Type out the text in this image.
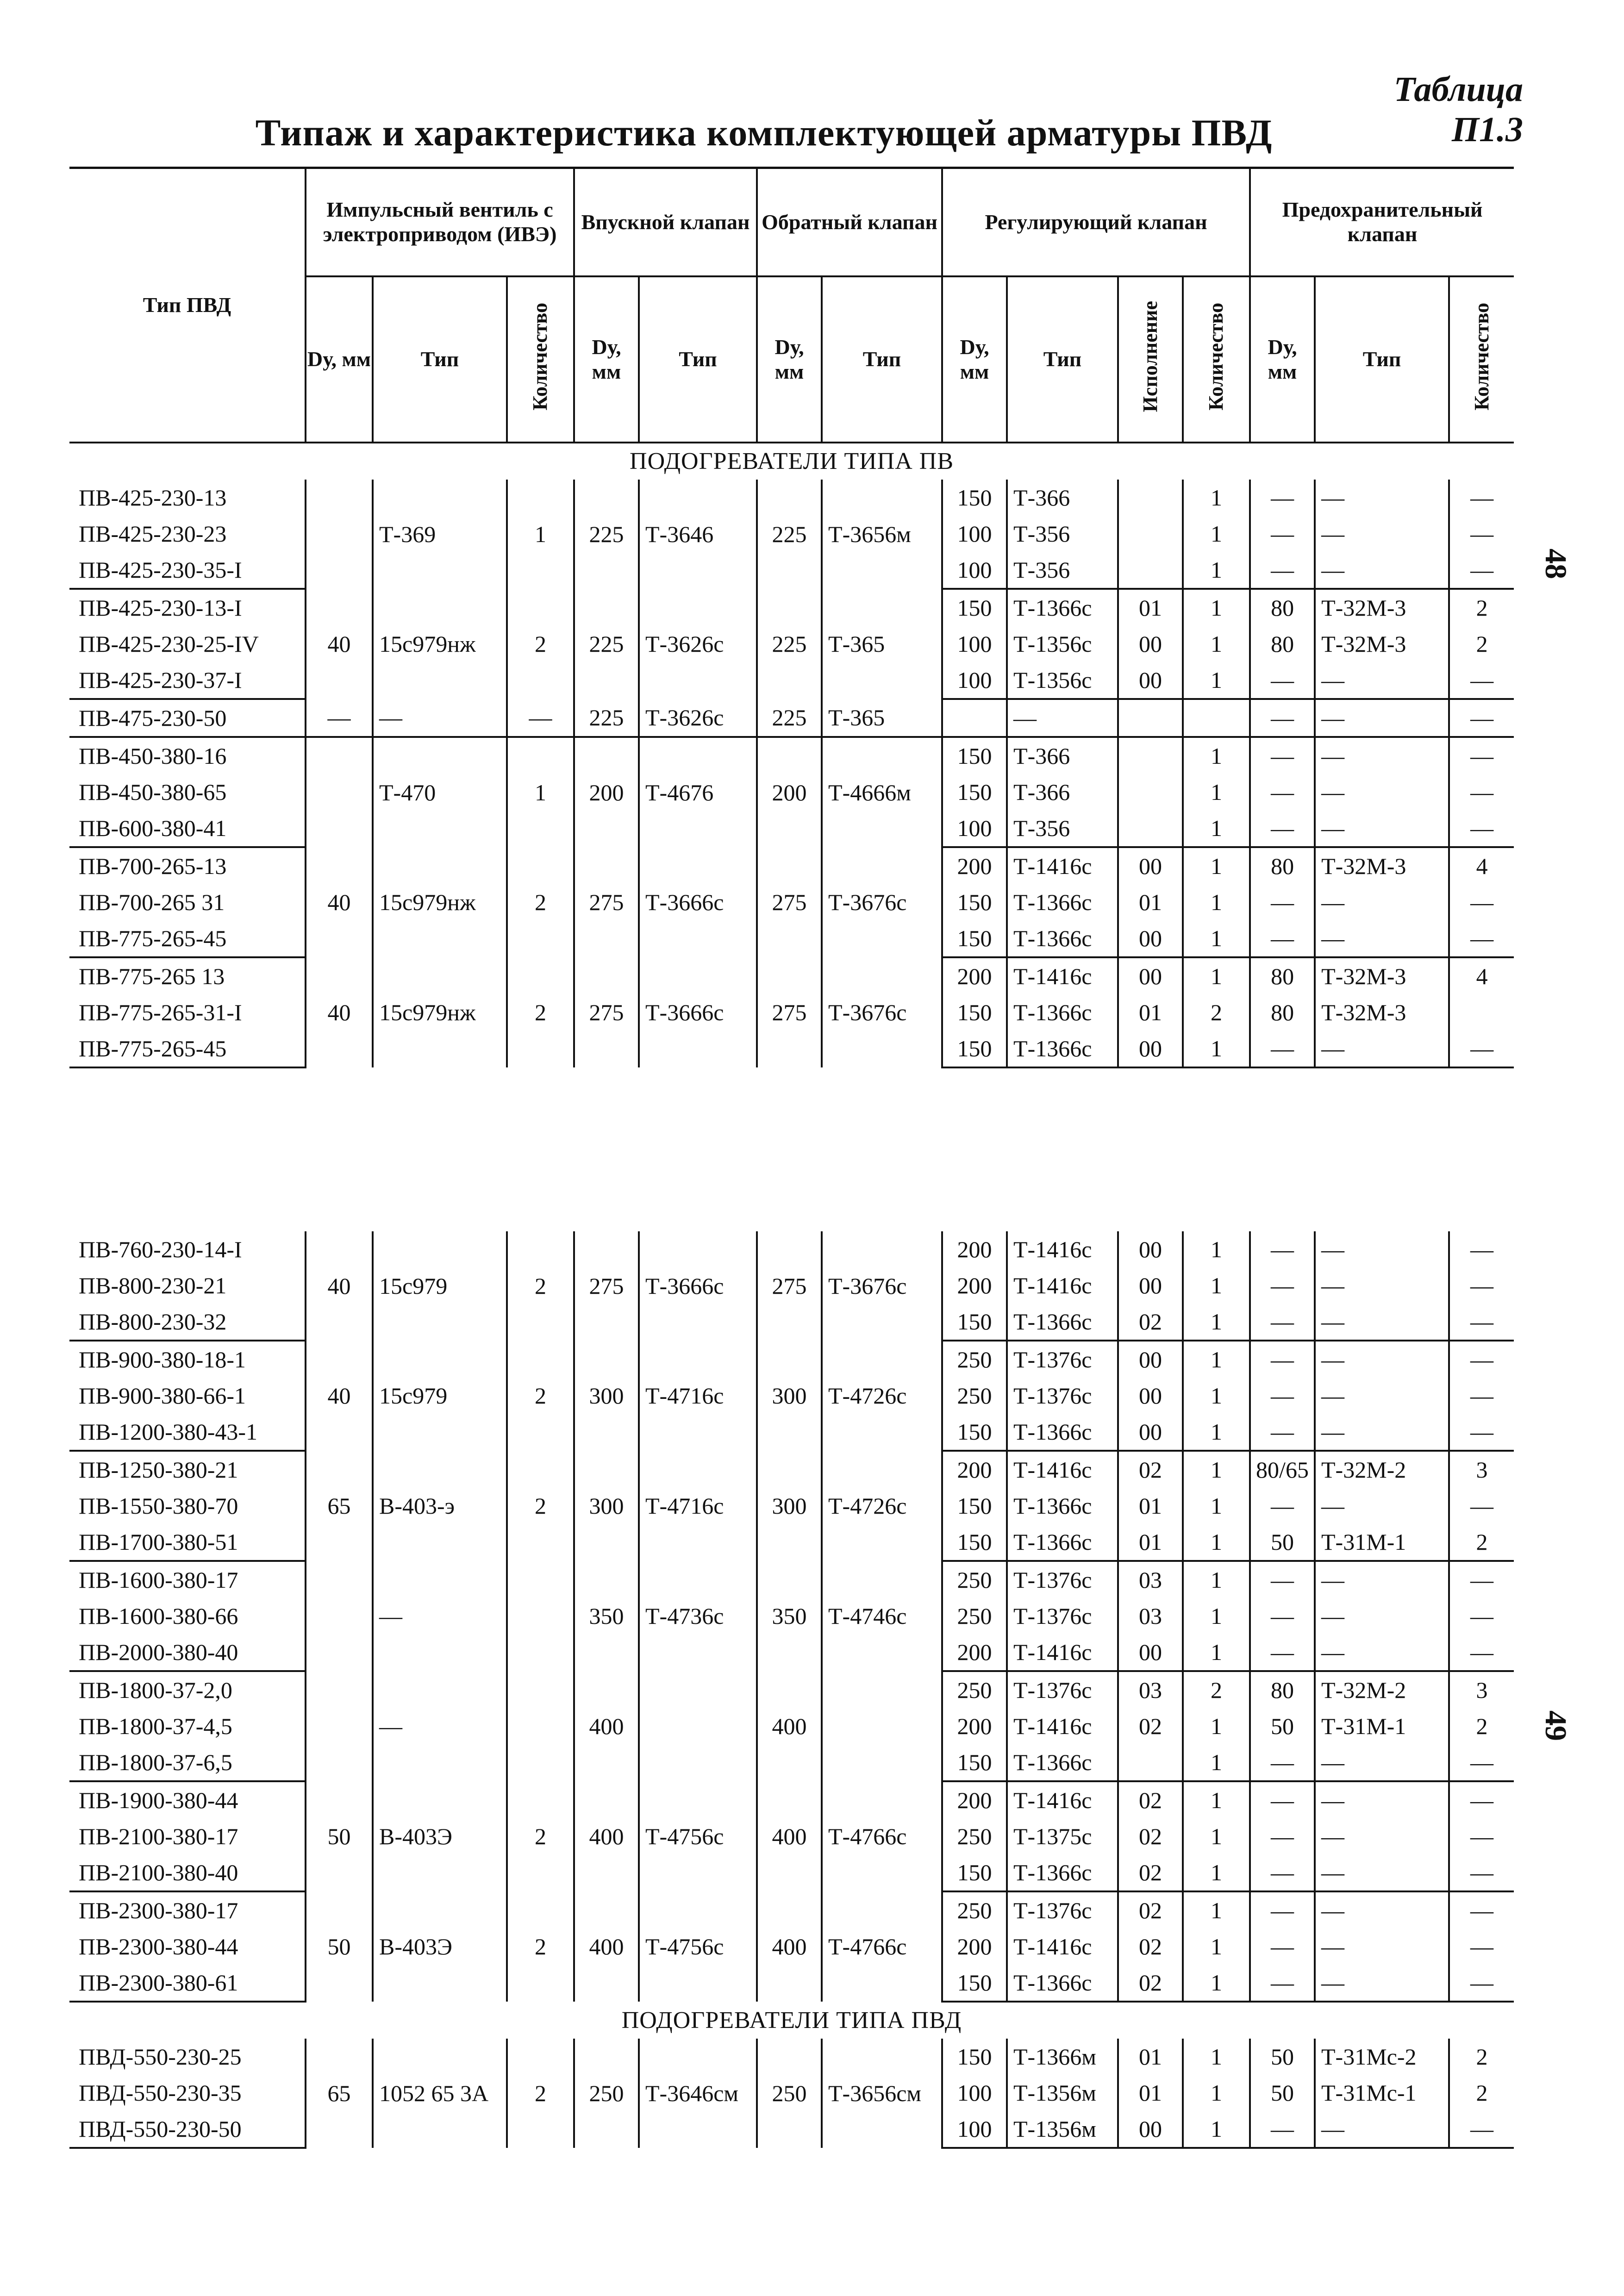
Таблица П1.3
Типаж и характеристика комплектующей арматуры ПВД
48
49
Тип ПВД	Импульсный вентиль с электроприводом (ИВЭ)			Впускной клапан		Обратный клапан		Регулирующий клапан				Предохранительный клапан		
	Dу, мм	Тип	Количество	Dу, мм	Тип	Dу, мм	Тип	Dу, мм	Тип	Исполнение	Количество	Dу, мм	Тип	Количество
ПОДОГРЕВАТЕЛИ ТИПА ПВ														
ПВ-425-230-13		Т-369	1	225	Т-3646	225	Т-3656м	150	Т-366		1	—	—	—
ПВ-425-230-23								100	Т-356		1	—	—	—
ПВ-425-230-35-I								100	Т-356		1	—	—	—
ПВ-425-230-13-I	40	15с979нж	2	225	Т-3626с	225	Т-365	150	Т-1366с	01	1	80	Т-32М-3	2
ПВ-425-230-25-IV								100	Т-1356с	00	1	80	Т-32М-3	2
ПВ-425-230-37-I								100	Т-1356с	00	1	—	—	—
ПВ-475-230-50	—	—	—	225	Т-3626с	225	Т-365		—			—	—	—
ПВ-450-380-16		Т-470	1	200	Т-4676	200	Т-4666м	150	Т-366		1	—	—	—
ПВ-450-380-65								150	Т-366		1	—	—	—
ПВ-600-380-41								100	Т-356		1	—	—	—
ПВ-700-265-13	40	15с979нж	2	275	Т-3666с	275	Т-3676с	200	Т-1416с	00	1	80	Т-32М-3	4
ПВ-700-265 31								150	Т-1366с	01	1	—	—	—
ПВ-775-265-45								150	Т-1366с	00	1	—	—	—
ПВ-775-265 13	40	15с979нж	2	275	Т-3666с	275	Т-3676с	200	Т-1416с	00	1	80	Т-32М-3	4
ПВ-775-265-31-I								150	Т-1366с	01	2	80	Т-32М-3	
ПВ-775-265-45								150	Т-1366с	00	1	—	—	—
ПВ-760-230-14-I	40	15с979	2	275	Т-3666с	275	Т-3676с	200	Т-1416с	00	1	—	—	—
ПВ-800-230-21								200	Т-1416с	00	1	—	—	—
ПВ-800-230-32								150	Т-1366с	02	1	—	—	—
ПВ-900-380-18-1	40	15с979	2	300	Т-4716с	300	Т-4726с	250	Т-1376с	00	1	—	—	—
ПВ-900-380-66-1								250	Т-1376с	00	1	—	—	—
ПВ-1200-380-43-1								150	Т-1366с	00	1	—	—	—
ПВ-1250-380-21	65	В-403-э	2	300	Т-4716с	300	Т-4726с	200	Т-1416с	02	1	80/65	Т-32М-2	3
ПВ-1550-380-70								150	Т-1366с	01	1	—	—	—
ПВ-1700-380-51								150	Т-1366с	01	1	50	Т-31М-1	2
ПВ-1600-380-17		—		350	Т-4736с	350	Т-4746с	250	Т-1376с	03	1	—	—	—
ПВ-1600-380-66								250	Т-1376с	03	1	—	—	—
ПВ-2000-380-40								200	Т-1416с	00	1	—	—	—
ПВ-1800-37-2,0		—		400		400		250	Т-1376с	03	2	80	Т-32М-2	3
ПВ-1800-37-4,5								200	Т-1416с	02	1	50	Т-31М-1	2
ПВ-1800-37-6,5								150	Т-1366с		1	—	—	—
ПВ-1900-380-44	50	В-403Э	2	400	Т-4756с	400	Т-4766с	200	Т-1416с	02	1	—	—	—
ПВ-2100-380-17								250	Т-1375с	02	1	—	—	—
ПВ-2100-380-40								150	Т-1366с	02	1	—	—	—
ПВ-2300-380-17	50	В-403Э	2	400	Т-4756с	400	Т-4766с	250	Т-1376с	02	1	—	—	—
ПВ-2300-380-44								200	Т-1416с	02	1	—	—	—
ПВ-2300-380-61								150	Т-1366с	02	1	—	—	—
ПОДОГРЕВАТЕЛИ ТИПА ПВД														
ПВД-550-230-25	65	1052 65 3А	2	250	Т-3646см	250	Т-3656см	150	Т-1366м	01	1	50	Т-31Мс-2	2
ПВД-550-230-35								100	Т-1356м	01	1	50	Т-31Мс-1	2
ПВД-550-230-50								100	Т-1356м	00	1	—	—	—
